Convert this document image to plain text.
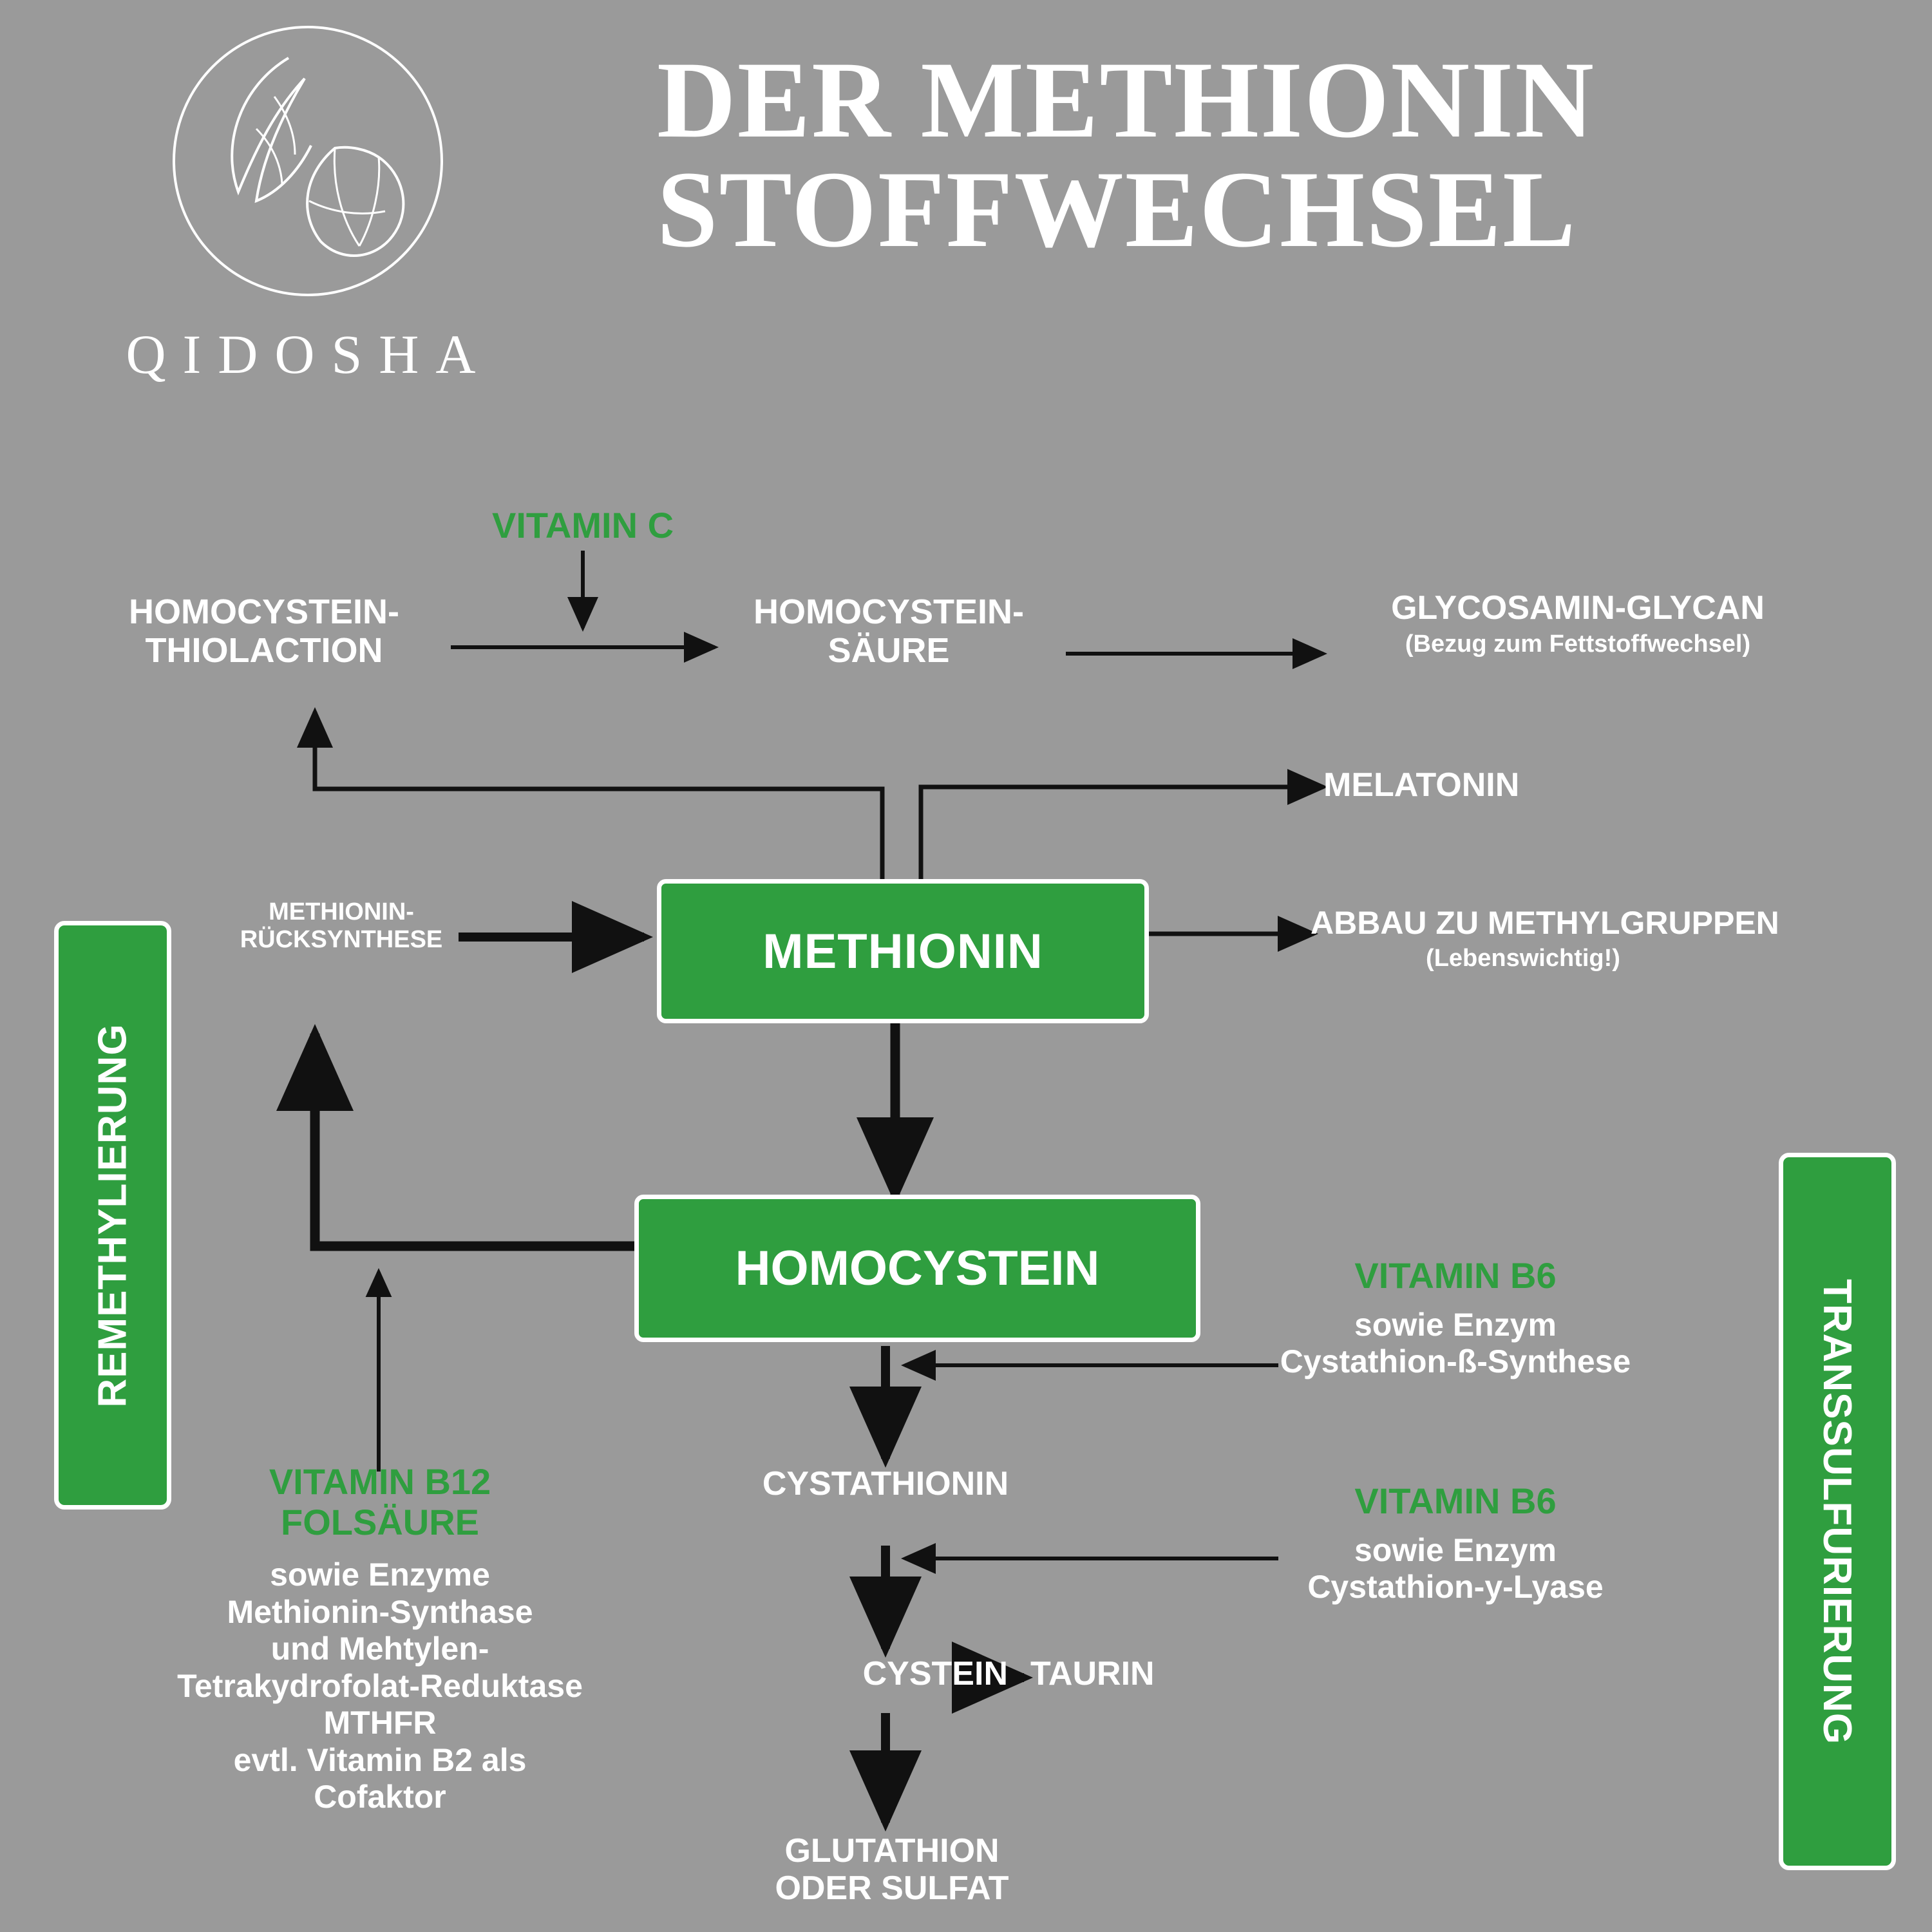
QIDOSHA
DER METHIONIN
STOFFWECHSEL
REMETHYLIERUNG
TRANSSULFURIERUNG
VITAMIN C
HOMOCYSTEIN-
THIOLACTION
HOMOCYSTEIN-
SÄURE
GLYCOSAMIN-GLYCAN
(Bezug zum Fettstoffwechsel)
MELATONIN
METHIONIN-
RÜCKSYNTHESE	METHIONIN
ABBAU ZU METHYLGRUPPEN
(Lebenswichtig!)
HOMOCYSTEIN
CYSTATHIONIN
CYSTEIN TAURIN
GLUTATHION
ODER SULFAT
VITAMIN B12
FOLSÄURE
sowie Enzyme
Methionin-Synthase
und Mehtylen-
Tetrakydrofolat-Reduktase
MTHFR
evtl. Vitamin B2 als
Cofaktor
VITAMIN B6
sowie Enzym
Cystathion-ß-Synthese
VITAMIN B6
sowie Enzym
Cystathion-y-Lyase
